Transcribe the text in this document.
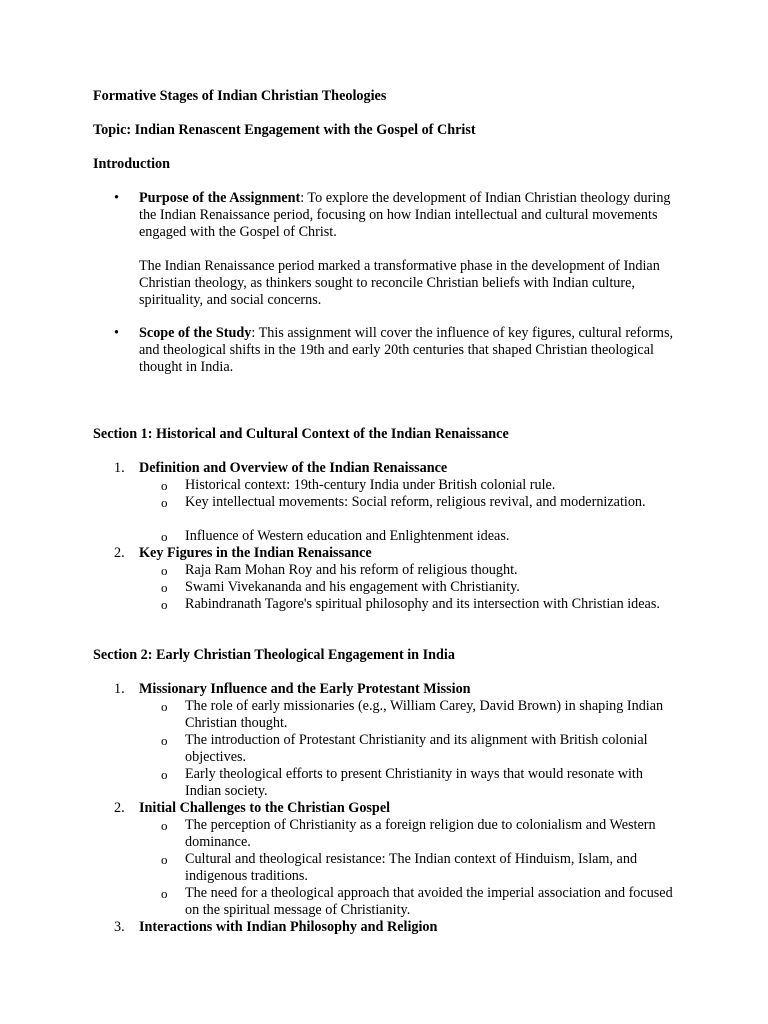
Formative Stages of Indian Christian Theologies
Topic: Indian Renascent Engagement with the Gospel of Christ
Introduction
• Purpose of the Assignment: To explore the development of Indian Christian theology during the Indian Renaissance period, focusing on how Indian intellectual and cultural movements engaged with the Gospel of Christ.
The Indian Renaissance period marked a transformative phase in the development of Indian Christian theology, as thinkers sought to reconcile Christian beliefs with Indian culture, spirituality, and social concerns.
• Scope of the Study: This assignment will cover the influence of key figures, cultural reforms, and theological shifts in the 19th and early 20th centuries that shaped Christian theological thought in India.
Section 1: Historical and Cultural Context of the Indian Renaissance
1. Definition and Overview of the Indian Renaissance
o Historical context: 19th-century India under British colonial rule.
o Key intellectual movements: Social reform, religious revival, and modernization.
o Influence of Western education and Enlightenment ideas.
2. Key Figures in the Indian Renaissance
o Raja Ram Mohan Roy and his reform of religious thought.
o Swami Vivekananda and his engagement with Christianity.
o Rabindranath Tagore's spiritual philosophy and its intersection with Christian ideas.
Section 2: Early Christian Theological Engagement in India
1. Missionary Influence and the Early Protestant Mission
o The role of early missionaries (e.g., William Carey, David Brown) in shaping Indian Christian thought.
o The introduction of Protestant Christianity and its alignment with British colonial objectives.
o Early theological efforts to present Christianity in ways that would resonate with Indian society.
2. Initial Challenges to the Christian Gospel
o The perception of Christianity as a foreign religion due to colonialism and Western dominance.
o Cultural and theological resistance: The Indian context of Hinduism, Islam, and indigenous traditions.
o The need for a theological approach that avoided the imperial association and focused on the spiritual message of Christianity.
3. Interactions with Indian Philosophy and Religion
